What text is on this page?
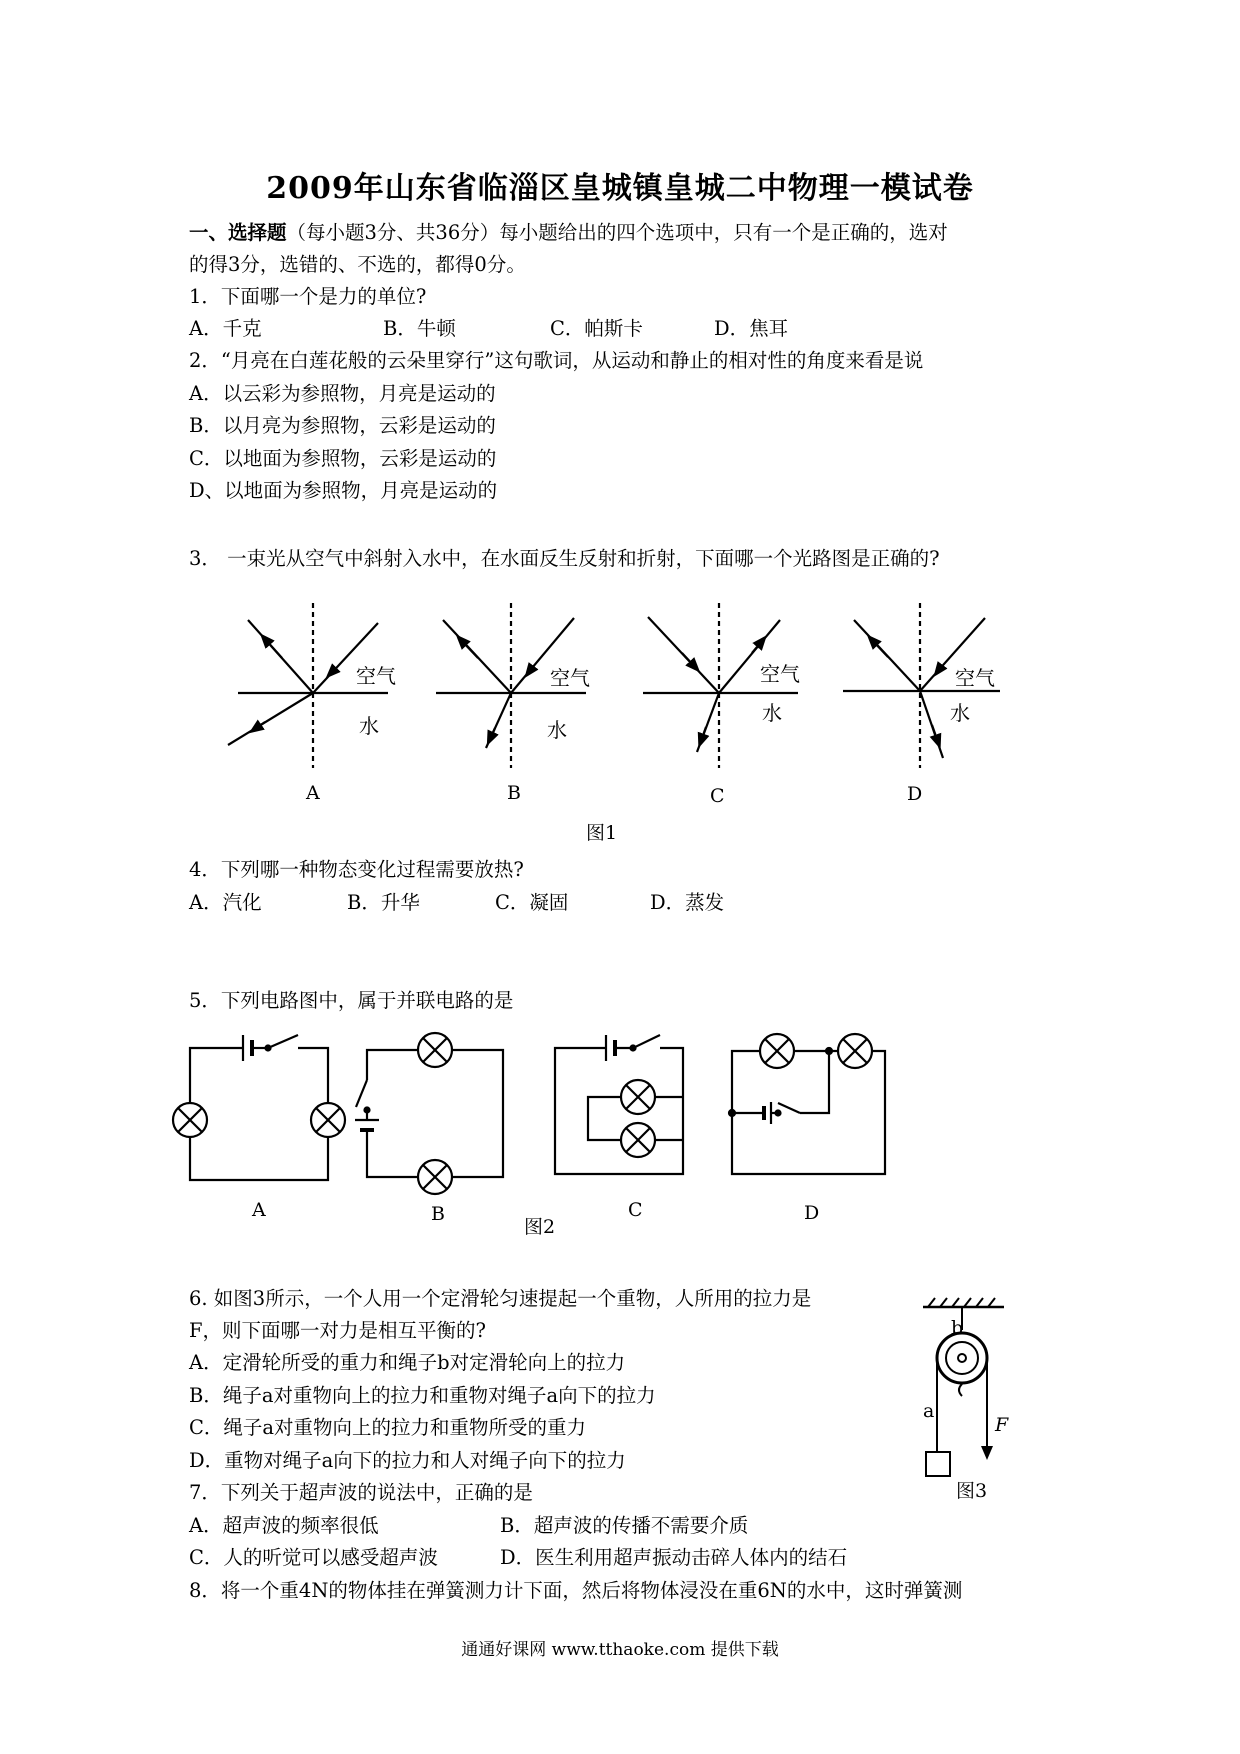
2009年山东省临淄区皇城镇皇城二中物理一模试卷
一、选择题（每小题3分、共36分）每小题给出的四个选项中，只有一个是正确的，选对
的得3分，选错的、不选的，都得0分。
1．下面哪一个是力的单位?
A．千克	B．牛顿	C．帕斯卡	D．焦耳
2．“月亮在白莲花般的云朵里穿行”这句歌词，从运动和静止的相对性的角度来看是说
A．以云彩为参照物，月亮是运动的
B．以月亮为参照物，云彩是运动的
C．以地面为参照物，云彩是运动的
D、以地面为参照物，月亮是运动的
3． 一束光从空气中斜射入水中，在水面反生反射和折射，下面哪一个光路图是正确的?
空气
水
空气
水
空气
水
空气
水
A	B	C	D
图1
4．下列哪一种物态变化过程需要放热?
A．汽化	B．升华	C．凝固	D．蒸发
5．下列电路图中，属于并联电路的是
A	B	C	D
图2
6. 如图3所示，一个人用一个定滑轮匀速提起一个重物，人所用的拉力是
F，则下面哪一对力是相互平衡的?
A．定滑轮所受的重力和绳子b对定滑轮向上的拉力
B．绳子a对重物向上的拉力和重物对绳子a向下的拉力
C．绳子a对重物向上的拉力和重物所受的重力
D．重物对绳子a向下的拉力和人对绳子向下的拉力
b
a
F
图3
7．下列关于超声波的说法中，正确的是
A．超声波的频率很低	B．超声波的传播不需要介质
C．人的听觉可以感受超声波	D．医生利用超声振动击碎人体内的结石
8．将一个重4N的物体挂在弹簧测力计下面，然后将物体浸没在重6N的水中，这时弹簧测
通通好课网 www.tthaoke.com 提供下载
